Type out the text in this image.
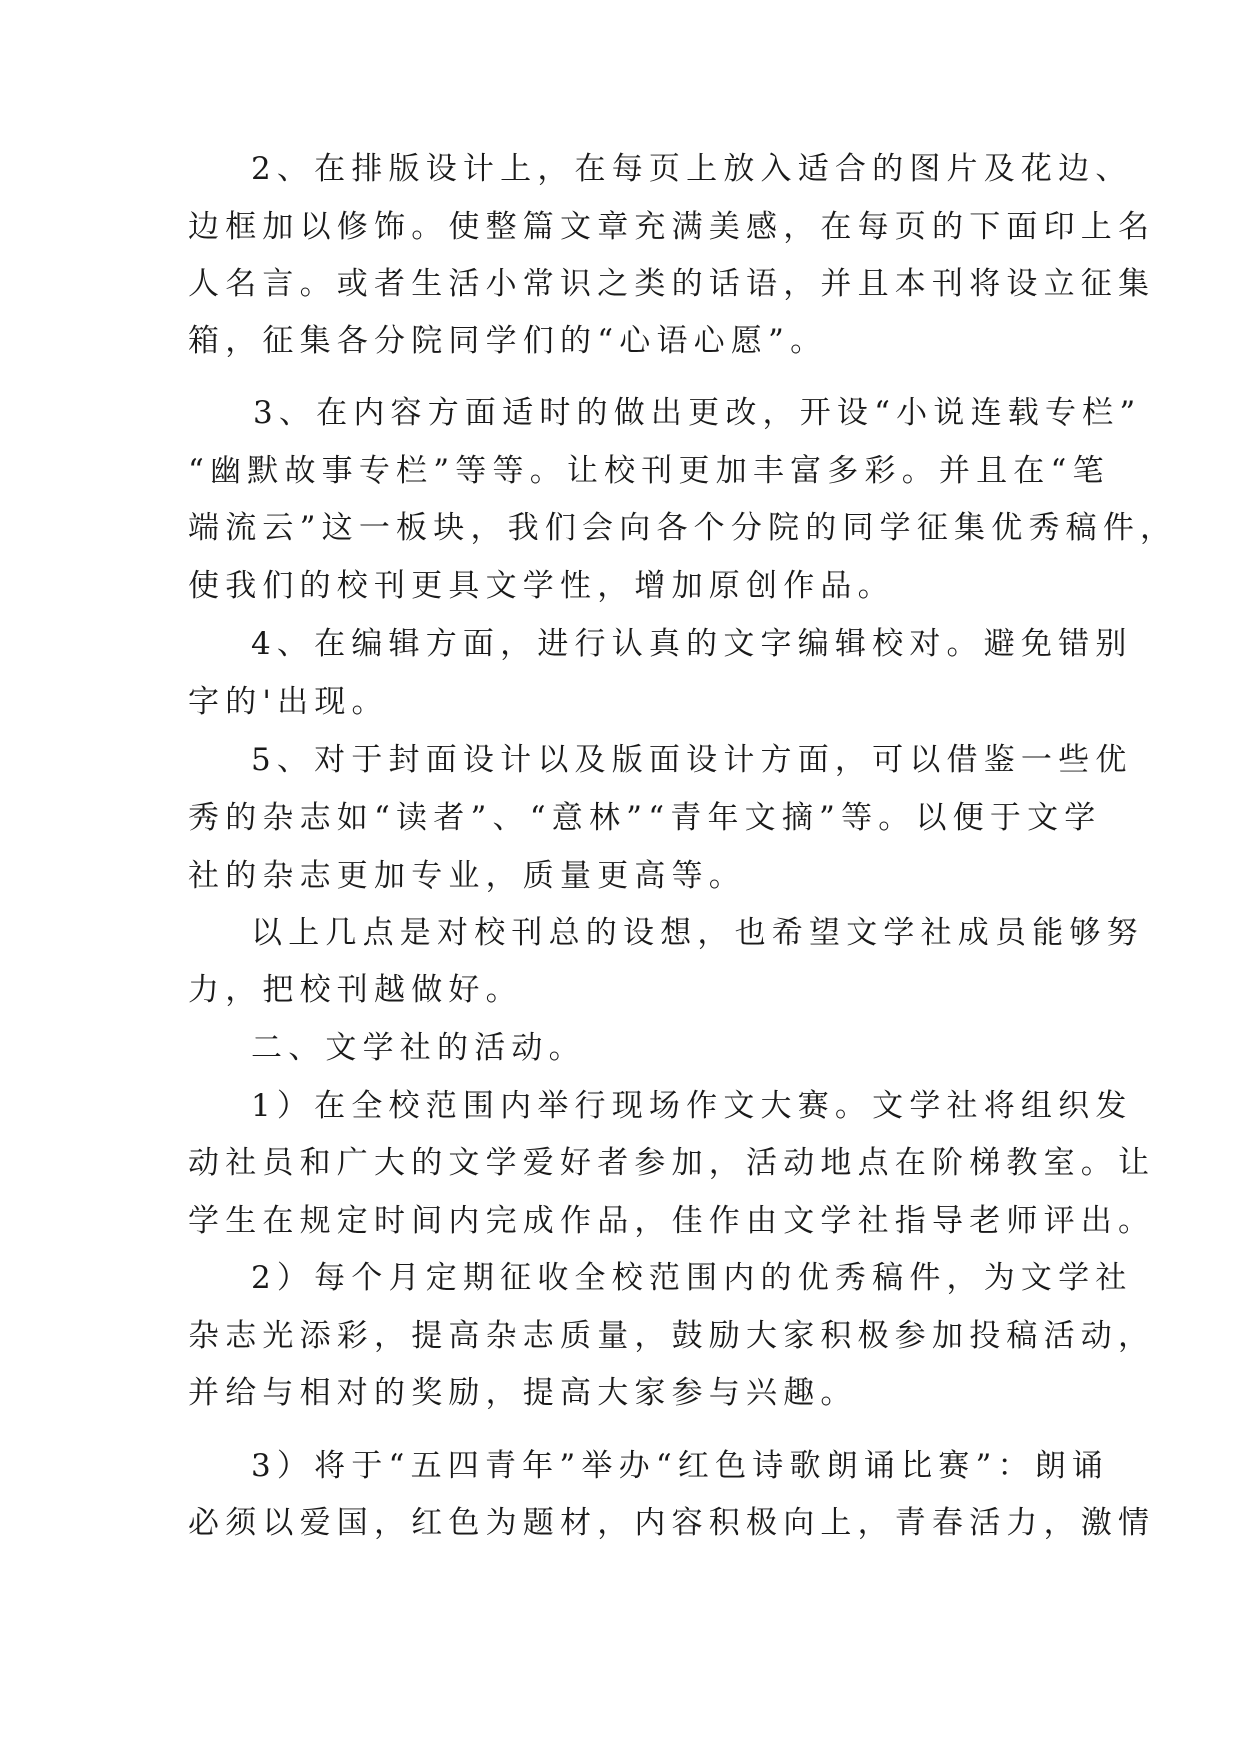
2、在排版设计上，在每页上放入适合的图片及花边、
边框加以修饰。使整篇文章充满美感，在每页的下面印上名
人名言。或者生活小常识之类的话语，并且本刊将设立征集
箱，征集各分院同学们的“心语心愿”。
3、在内容方面适时的做出更改，开设“小说连载专栏”
“幽默故事专栏”等等。让校刊更加丰富多彩。并且在“笔
端流云”这一板块，我们会向各个分院的同学征集优秀稿件，
使我们的校刊更具文学性，增加原创作品。
4、在编辑方面，进行认真的文字编辑校对。避免错别
字的'出现。
5、对于封面设计以及版面设计方面，可以借鉴一些优
秀的杂志如“读者”、“意林”“青年文摘”等。以便于文学
社的杂志更加专业，质量更高等。
以上几点是对校刊总的设想，也希望文学社成员能够努
力，把校刊越做好。
二、文学社的活动。
1）在全校范围内举行现场作文大赛。文学社将组织发
动社员和广大的文学爱好者参加，活动地点在阶梯教室。让
学生在规定时间内完成作品，佳作由文学社指导老师评出。
2）每个月定期征收全校范围内的优秀稿件，为文学社
杂志光添彩，提高杂志质量，鼓励大家积极参加投稿活动，
并给与相对的奖励，提高大家参与兴趣。
3）将于“五四青年”举办“红色诗歌朗诵比赛”：朗诵
必须以爱国，红色为题材，内容积极向上，青春活力，激情
